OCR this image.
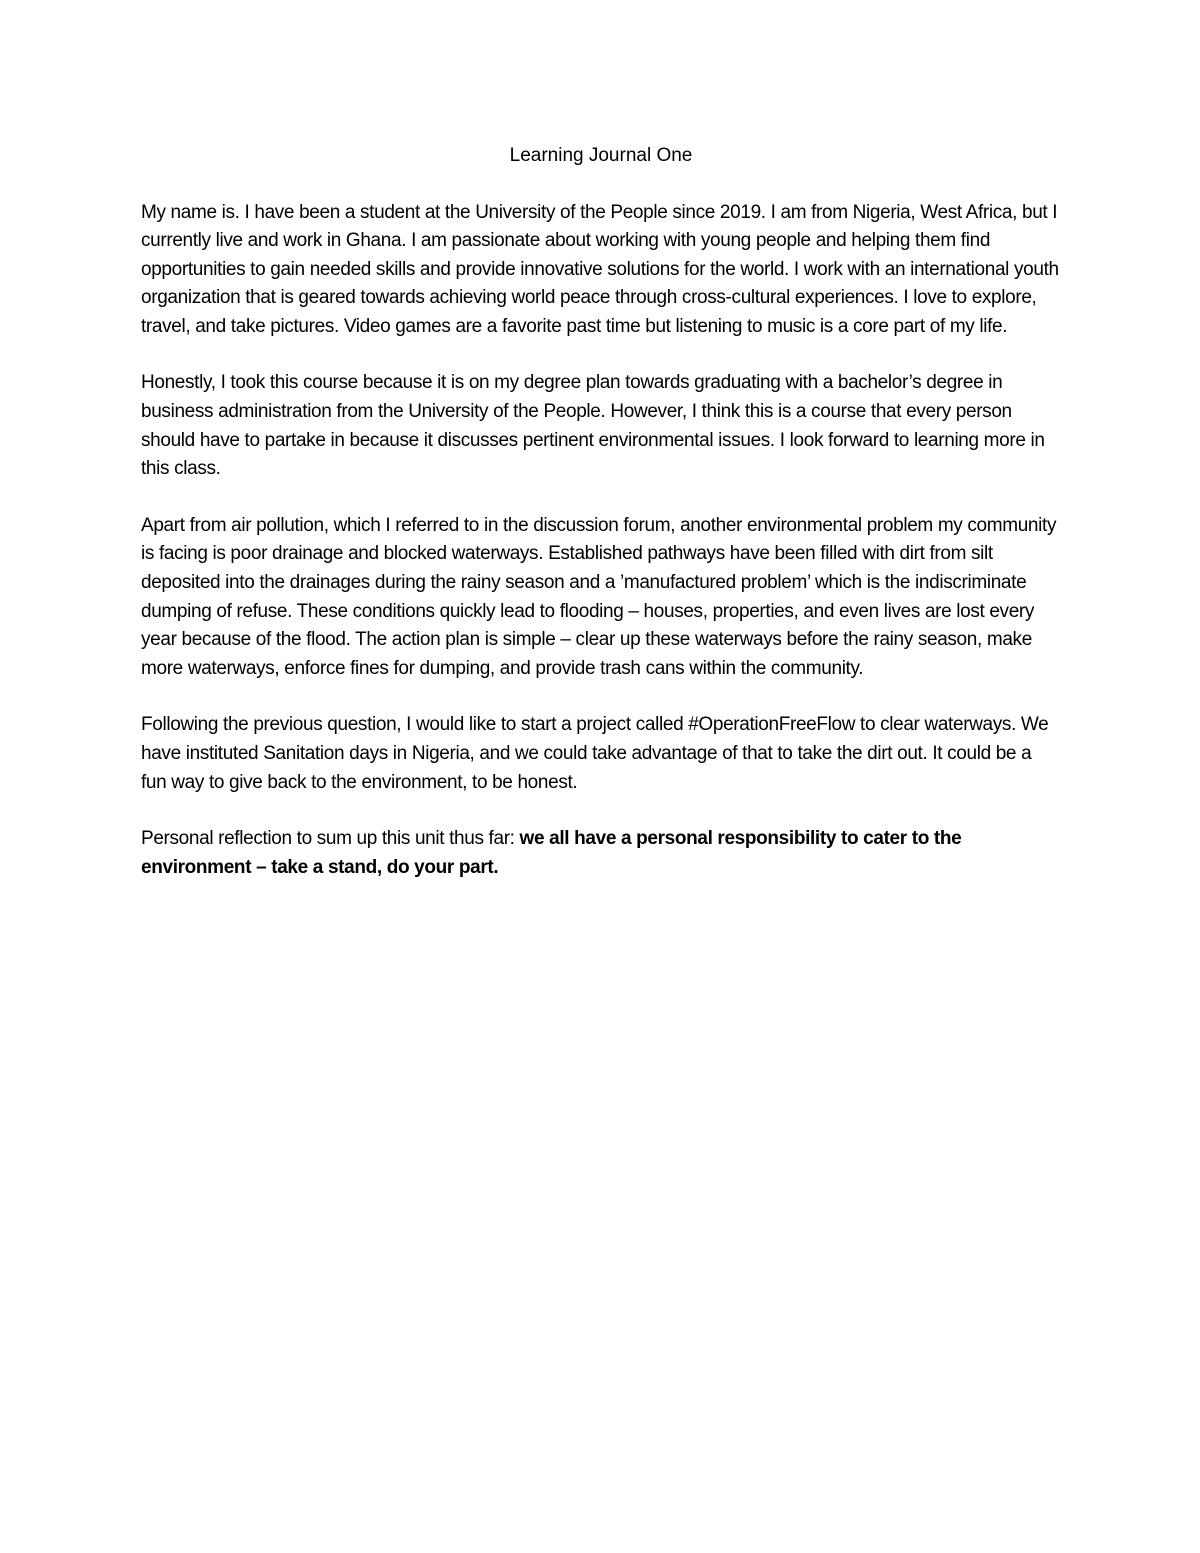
Learning Journal One

My name is. I have been a student at the University of the People since 2019. I am from Nigeria, West Africa, but I currently live and work in Ghana. I am passionate about working with young people and helping them find opportunities to gain needed skills and provide innovative solutions for the world. I work with an international youth organization that is geared towards achieving world peace through cross-cultural experiences. I love to explore, travel, and take pictures. Video games are a favorite past time but listening to music is a core part of my life.

Honestly, I took this course because it is on my degree plan towards graduating with a bachelor’s degree in business administration from the University of the People. However, I think this is a course that every person should have to partake in because it discusses pertinent environmental issues. I look forward to learning more in this class.

Apart from air pollution, which I referred to in the discussion forum, another environmental problem my community is facing is poor drainage and blocked waterways. Established pathways have been filled with dirt from silt deposited into the drainages during the rainy season and a ’manufactured problem’ which is the indiscriminate dumping of refuse. These conditions quickly lead to flooding – houses, properties, and even lives are lost every year because of the flood. The action plan is simple – clear up these waterways before the rainy season, make more waterways, enforce fines for dumping, and provide trash cans within the community.

Following the previous question, I would like to start a project called #OperationFreeFlow to clear waterways. We have instituted Sanitation days in Nigeria, and we could take advantage of that to take the dirt out. It could be a fun way to give back to the environment, to be honest.

Personal reflection to sum up this unit thus far: we all have a personal responsibility to cater to the environment – take a stand, do your part.
